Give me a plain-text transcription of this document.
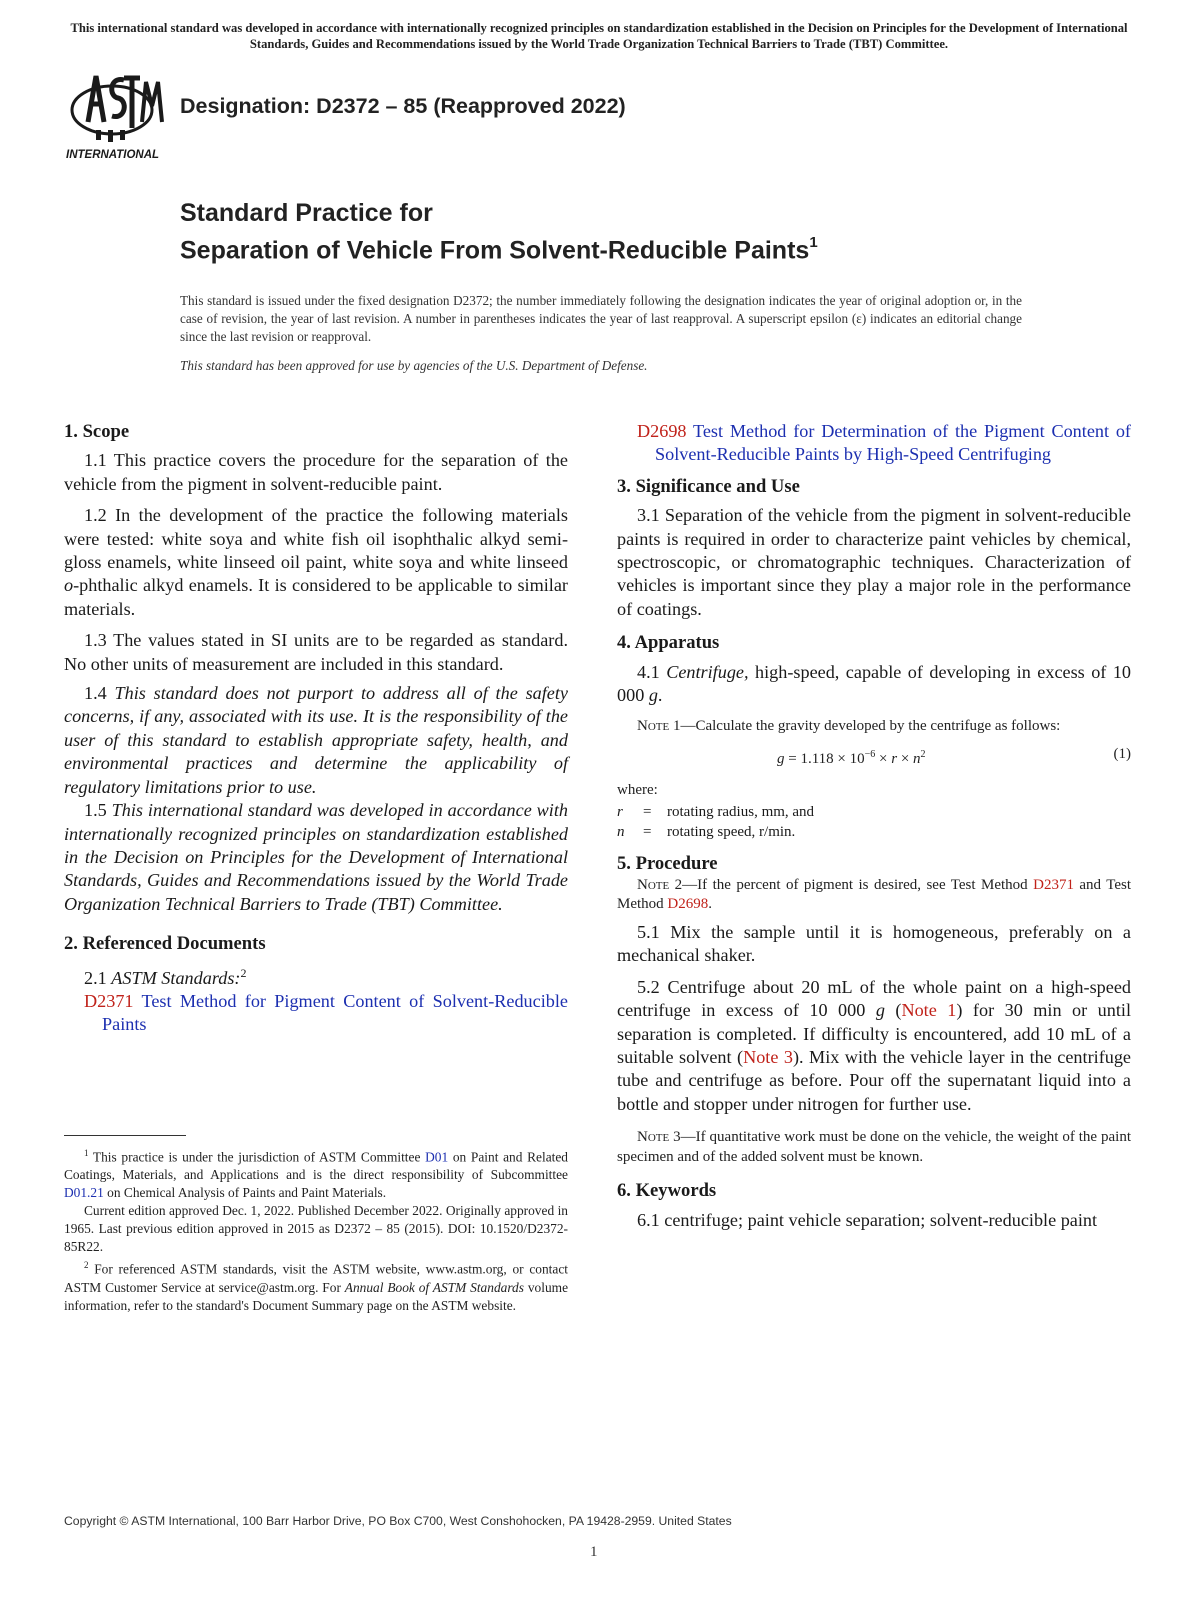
This international standard was developed in accordance with internationally recognized principles on standardization established in the Decision on Principles for the Development of International Standards, Guides and Recommendations issued by the World Trade Organization Technical Barriers to Trade (TBT) Committee.
INTERNATIONAL
Designation: D2372 – 85 (Reapproved 2022)
Standard Practice for
Separation of Vehicle From Solvent-Reducible Paints$^1$
This standard is issued under the fixed designation D2372; the number immediately following the designation indicates the year of original adoption or, in the case of revision, the year of last revision. A number in parentheses indicates the year of last reapproval. A superscript epsilon (ε) indicates an editorial change since the last revision or reapproval.
This standard has been approved for use by agencies of the U.S. Department of Defense.

1. Scope

1.1 This practice covers the procedure for the separation of the vehicle from the pigment in solvent-reducible paint.

1.2 In the development of the practice the following materials were tested: white soya and white fish oil isophthalic alkyd semi-gloss enamels, white linseed oil paint, white soya and white linseed o-phthalic alkyd enamels. It is considered to be applicable to similar materials.

1.3 The values stated in SI units are to be regarded as standard. No other units of measurement are included in this standard.

1.4 This standard does not purport to address all of the safety concerns, if any, associated with its use. It is the responsibility of the user of this standard to establish appropriate safety, health, and environmental practices and determine the applicability of regulatory limitations prior to use.

1.5 This international standard was developed in accordance with internationally recognized principles on standardization established in the Decision on Principles for the Development of International Standards, Guides and Recommendations issued by the World Trade Organization Technical Barriers to Trade (TBT) Committee.

2. Referenced Documents

2.1 ASTM Standards:$^2$

D2371 Test Method for Pigment Content of Solvent-Reducible Paints

$^1$ This practice is under the jurisdiction of ASTM Committee D01 on Paint and Related Coatings, Materials, and Applications and is the direct responsibility of Subcommittee D01.21 on Chemical Analysis of Paints and Paint Materials.

Current edition approved Dec. 1, 2022. Published December 2022. Originally approved in 1965. Last previous edition approved in 2015 as D2372 – 85 (2015). DOI: 10.1520/D2372-85R22.

$^2$ For referenced ASTM standards, visit the ASTM website, www.astm.org, or contact ASTM Customer Service at service@astm.org. For Annual Book of ASTM Standards volume information, refer to the standard's Document Summary page on the ASTM website.

D2698 Test Method for Determination of the Pigment Content of Solvent-Reducible Paints by High-Speed Centrifuging

3. Significance and Use

3.1 Separation of the vehicle from the pigment in solvent-reducible paints is required in order to characterize paint vehicles by chemical, spectroscopic, or chromatographic techniques. Characterization of vehicles is important since they play a major role in the performance of coatings.

4. Apparatus

4.1 Centrifuge, high-speed, capable of developing in excess of 10 000 g.

Note 1—Calculate the gravity developed by the centrifuge as follows:

$g = 1.118 \times 10^{-6} \times r \times n^2$	(1)

where:

r	=	rotating radius, mm, and
n	=	rotating speed, r/min.

5. Procedure

Note 2—If the percent of pigment is desired, see Test Method D2371 and Test Method D2698.

5.1 Mix the sample until it is homogeneous, preferably on a mechanical shaker.

5.2 Centrifuge about 20 mL of the whole paint on a high-speed centrifuge in excess of 10 000 g (Note 1) for 30 min or until separation is completed. If difficulty is encountered, add 10 mL of a suitable solvent (Note 3). Mix with the vehicle layer in the centrifuge tube and centrifuge as before. Pour off the supernatant liquid into a bottle and stopper under nitrogen for further use.

Note 3—If quantitative work must be done on the vehicle, the weight of the paint specimen and of the added solvent must be known.

6. Keywords

6.1 centrifuge; paint vehicle separation; solvent-reducible paint

Copyright © ASTM International, 100 Barr Harbor Drive, PO Box C700, West Conshohocken, PA 19428-2959. United States
1
